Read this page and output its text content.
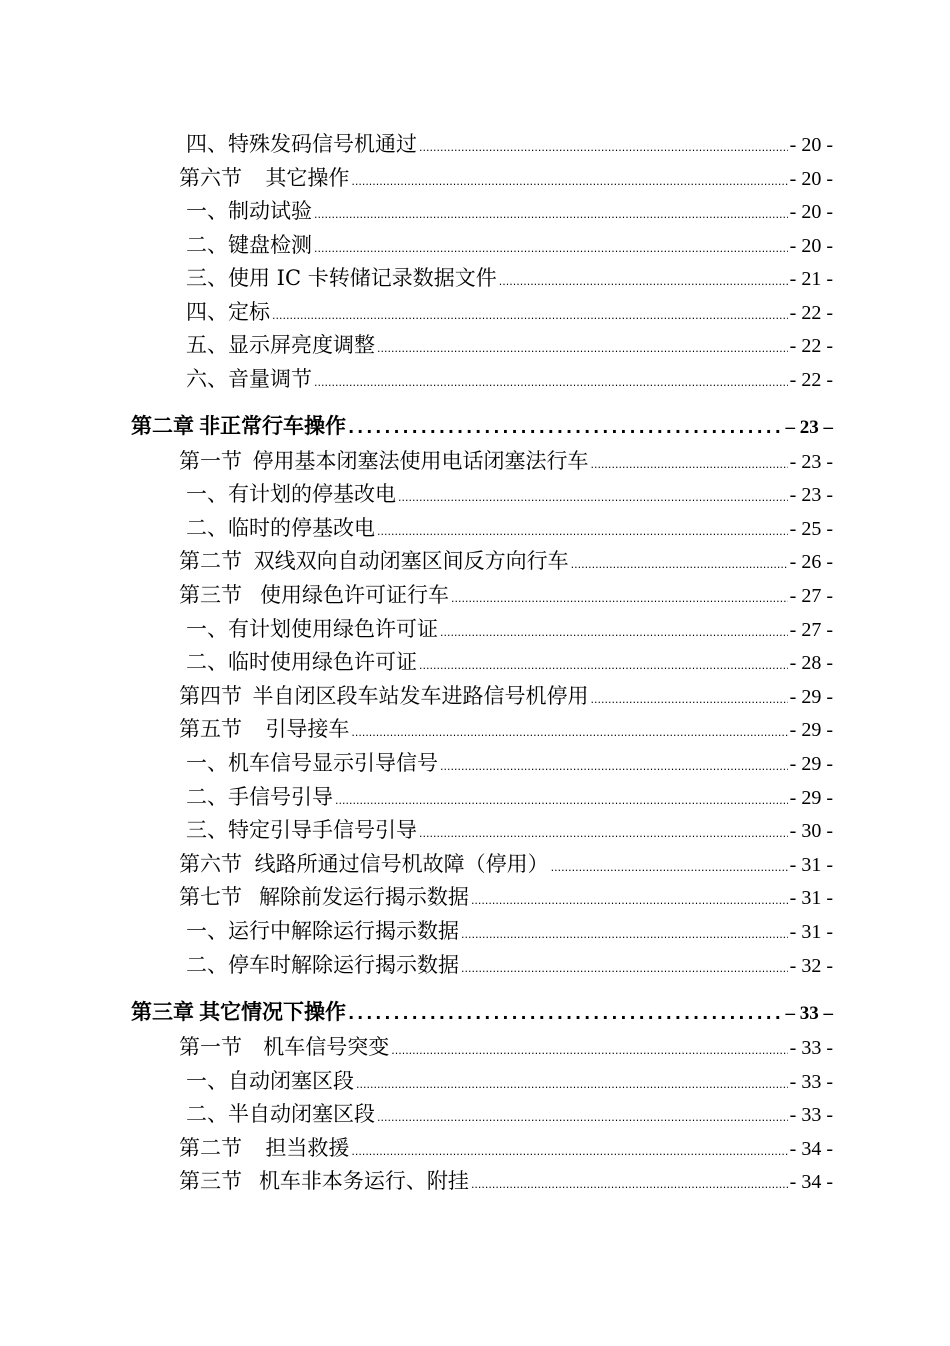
四、 特殊发码信号机通过 .....	- 20 -
第六节 其它操作 .....	- 20 -
一、 制动试验 .....	- 20 -
二、 键盘检测 .....	- 20 -
三、 使用 IC 卡转储记录数据文件 .....	- 21 -
四、 定标 .....	- 22 -
五、 显示屏亮度调整 .....	- 22 -
六、 音量调节 .....	- 22 -
第二章 非正常行车操作 .....	– 23 –
第一节 停用基本闭塞法使用电话闭塞法行车 .....	- 23 -
一、 有计划的停基改电 .....	- 23 -
二、 临时的停基改电 .....	- 25 -
第二节 双线双向自动闭塞区间反方向行车 .....	- 26 -
第三节 使用绿色许可证行车 .....	- 27 -
一、 有计划使用绿色许可证 .....	- 27 -
二、 临时使用绿色许可证 .....	- 28 -
第四节 半自闭区段车站发车进路信号机停用 .....	- 29 -
第五节 引导接车 .....	- 29 -
一、 机车信号显示引导信号 .....	- 29 -
二、 手信号引导 .....	- 29 -
三、 特定引导手信号引导 .....	- 30 -
第六节 线路所通过信号机故障（停用） .....	- 31 -
第七节 解除前发运行揭示数据 .....	- 31 -
一、 运行中解除运行揭示数据 .....	- 31 -
二、 停车时解除运行揭示数据 .....	- 32 -
第三章 其它情况下操作 .....	– 33 –
第一节 机车信号突变 .....	- 33 -
一、 自动闭塞区段 .....	- 33 -
二、 半自动闭塞区段 .....	- 33 -
第二节 担当救援 .....	- 34 -
第三节 机车非本务运行、附挂 .....	- 34 -
